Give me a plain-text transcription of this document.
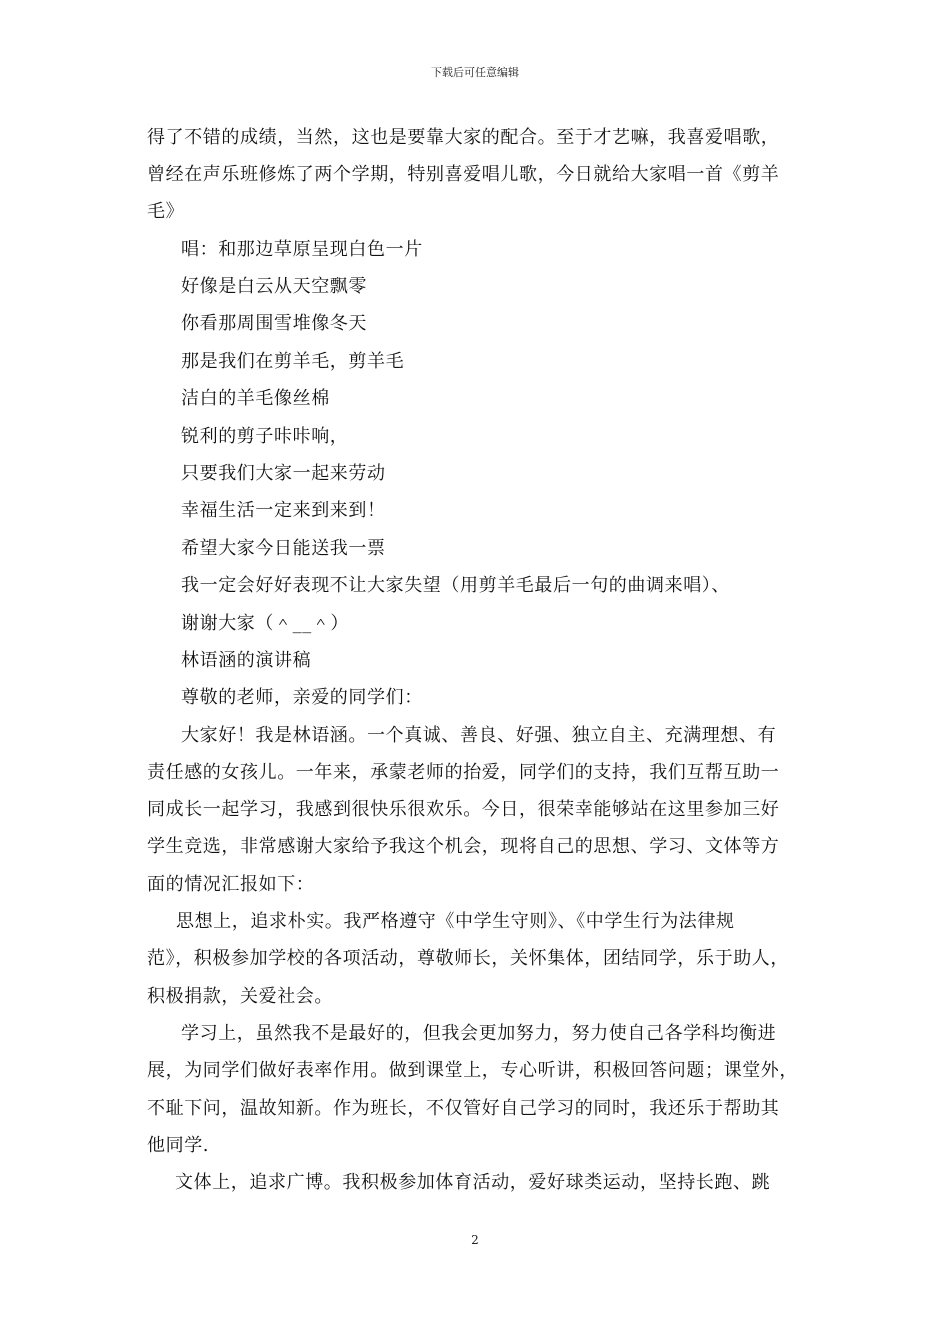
下载后可任意编辑
得了不错的成绩，当然，这也是要靠大家的配合。至于才艺嘛，我喜爱唱歌，
曾经在声乐班修炼了两个学期，特别喜爱唱儿歌，今日就给大家唱一首《剪羊
毛》
唱：和那边草原呈现白色一片
好像是白云从天空飘零
你看那周围雪堆像冬天
那是我们在剪羊毛，剪羊毛
洁白的羊毛像丝棉
锐利的剪子咔咔响，
只要我们大家一起来劳动
幸福生活一定来到来到！
希望大家今日能送我一票
我一定会好好表现不让大家失望（用剪羊毛最后一句的曲调来唱）、
谢谢大家（＾__＾）
林语涵的演讲稿
尊敬的老师，亲爱的同学们：
大家好！我是林语涵。一个真诚、善良、好强、独立自主、充满理想、有
责任感的女孩儿。一年来，承蒙老师的抬爱，同学们的支持，我们互帮互助一
同成长一起学习，我感到很快乐很欢乐。今日，很荣幸能够站在这里参加三好
学生竞选，非常感谢大家给予我这个机会，现将自己的思想、学习、文体等方
面的情况汇报如下：
思想上，追求朴实。我严格遵守《中学生守则》、《中学生行为法律规
范》，积极参加学校的各项活动，尊敬师长，关怀集体，团结同学，乐于助人，
积极捐款，关爱社会。
学习上，虽然我不是最好的，但我会更加努力，努力使自己各学科均衡进
展，为同学们做好表率作用。做到课堂上，专心听讲，积极回答问题；课堂外，
不耻下问，温故知新。作为班长，不仅管好自己学习的同时，我还乐于帮助其
他同学.
文体上，追求广博。我积极参加体育活动，爱好球类运动，坚持长跑、跳
2
